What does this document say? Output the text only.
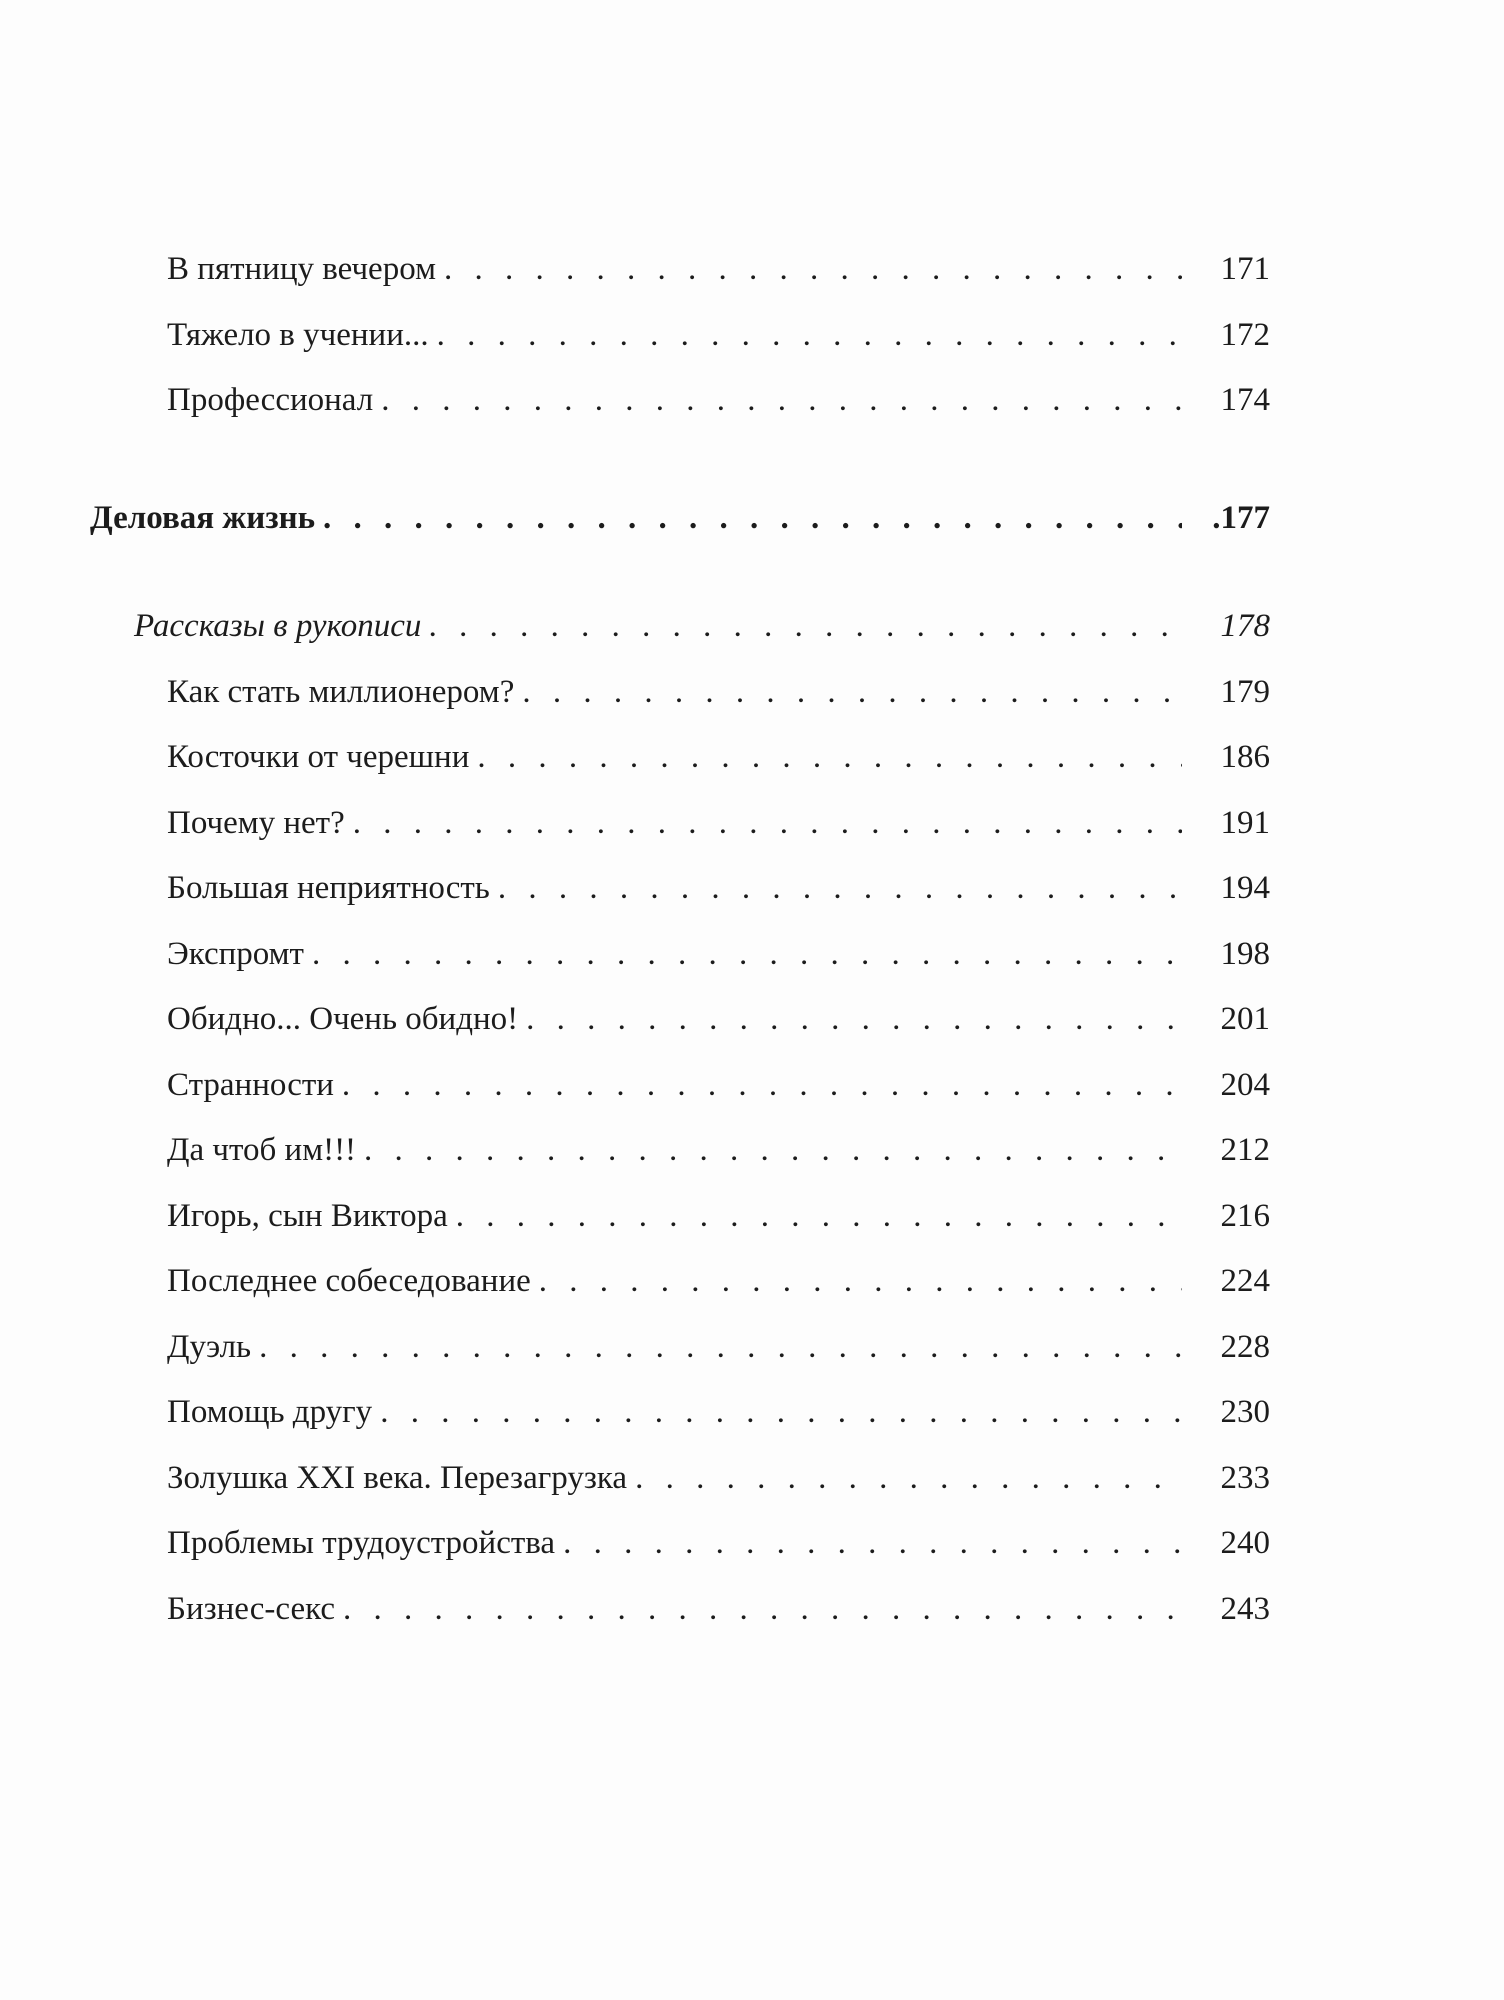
В пятницу вечером . . .	171
Тяжело в учении... . . .	172
Профессионал . . .	174
Деловая жизнь . . .	.177
Рассказы в рукописи . . .	178
Как стать миллионером? . . .	179
Косточки от черешни . . .	186
Почему нет? . . .	191
Большая неприятность . . .	194
Экспромт . . .	198
Обидно... Очень обидно! . . .	201
Странности . . .	204
Да чтоб им!!! . . .	212
Игорь, сын Виктора . . .	216
Последнее собеседование . . .	224
Дуэль . . .	228
Помощь другу . . .	230
Золушка XXI века. Перезагрузка . . .	233
Проблемы трудоустройства . . .	240
Бизнес-секс . . .	243
